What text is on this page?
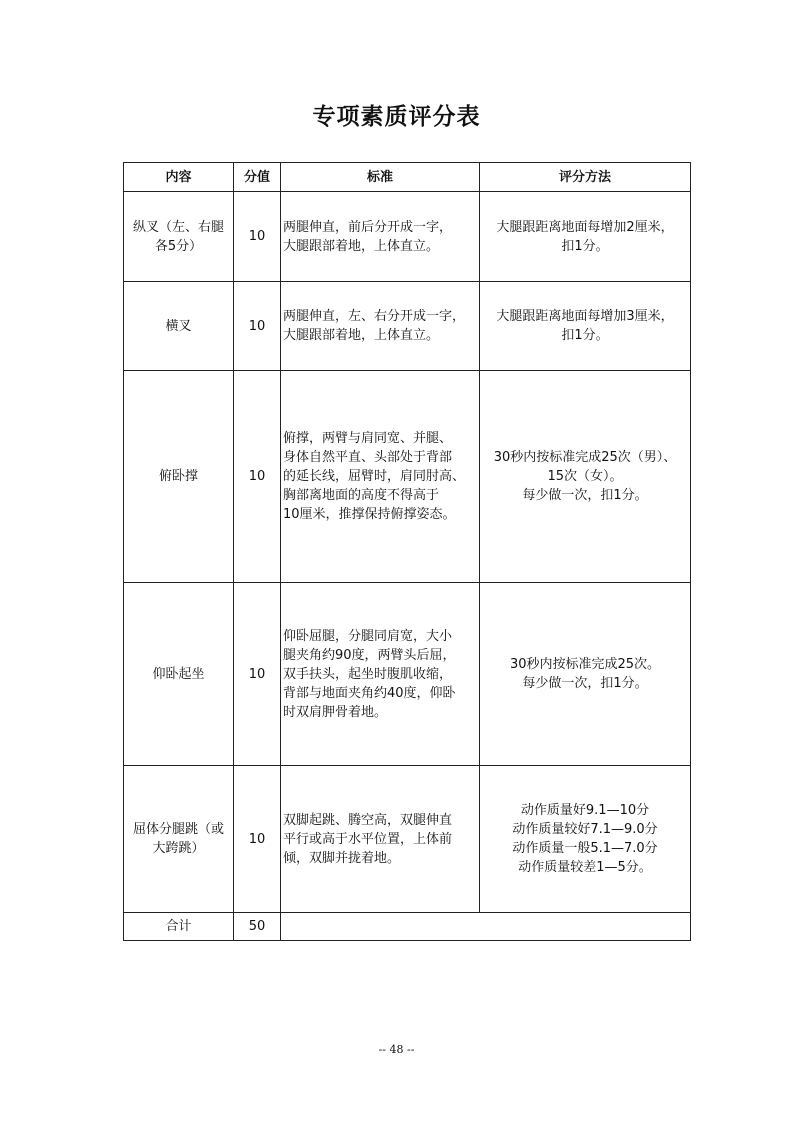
专项素质评分表
内容	分值	标准	评分方法

纵叉（左、右腿
各5分）	10	两腿伸直，前后分开成一字，
大腿跟部着地，上体直立。	大腿跟距离地面每增加2厘米，
扣1分。

横叉	10	两腿伸直，左、右分开成一字，
大腿跟部着地，上体直立。	大腿跟距离地面每增加3厘米，
扣1分。

俯卧撑	10	俯撑，两臂与肩同宽、并腿、
身体自然平直、头部处于背部
的延长线，屈臂时，肩同肘高、
胸部离地面的高度不得高于
10厘米，推撑保持俯撑姿态。	30秒内按标准完成25次（男）、
15次（女）。
每少做一次，扣1分。

仰卧起坐	10	仰卧屈腿，分腿同肩宽，大小
腿夹角约90度，两臂头后屈，
双手扶头，起坐时腹肌收缩，
背部与地面夹角约40度，仰卧
时双肩胛骨着地。	30秒内按标准完成25次。
每少做一次，扣1分。

屈体分腿跳（或
大跨跳）	10	双脚起跳、腾空高，双腿伸直
平行或高于水平位置，上体前
倾，双脚并拢着地。	动作质量好9.1—10分
动作质量较好7.1—9.0分
动作质量一般5.1—7.0分
动作质量较差1—5分。

合计	50		
-- 48 --
